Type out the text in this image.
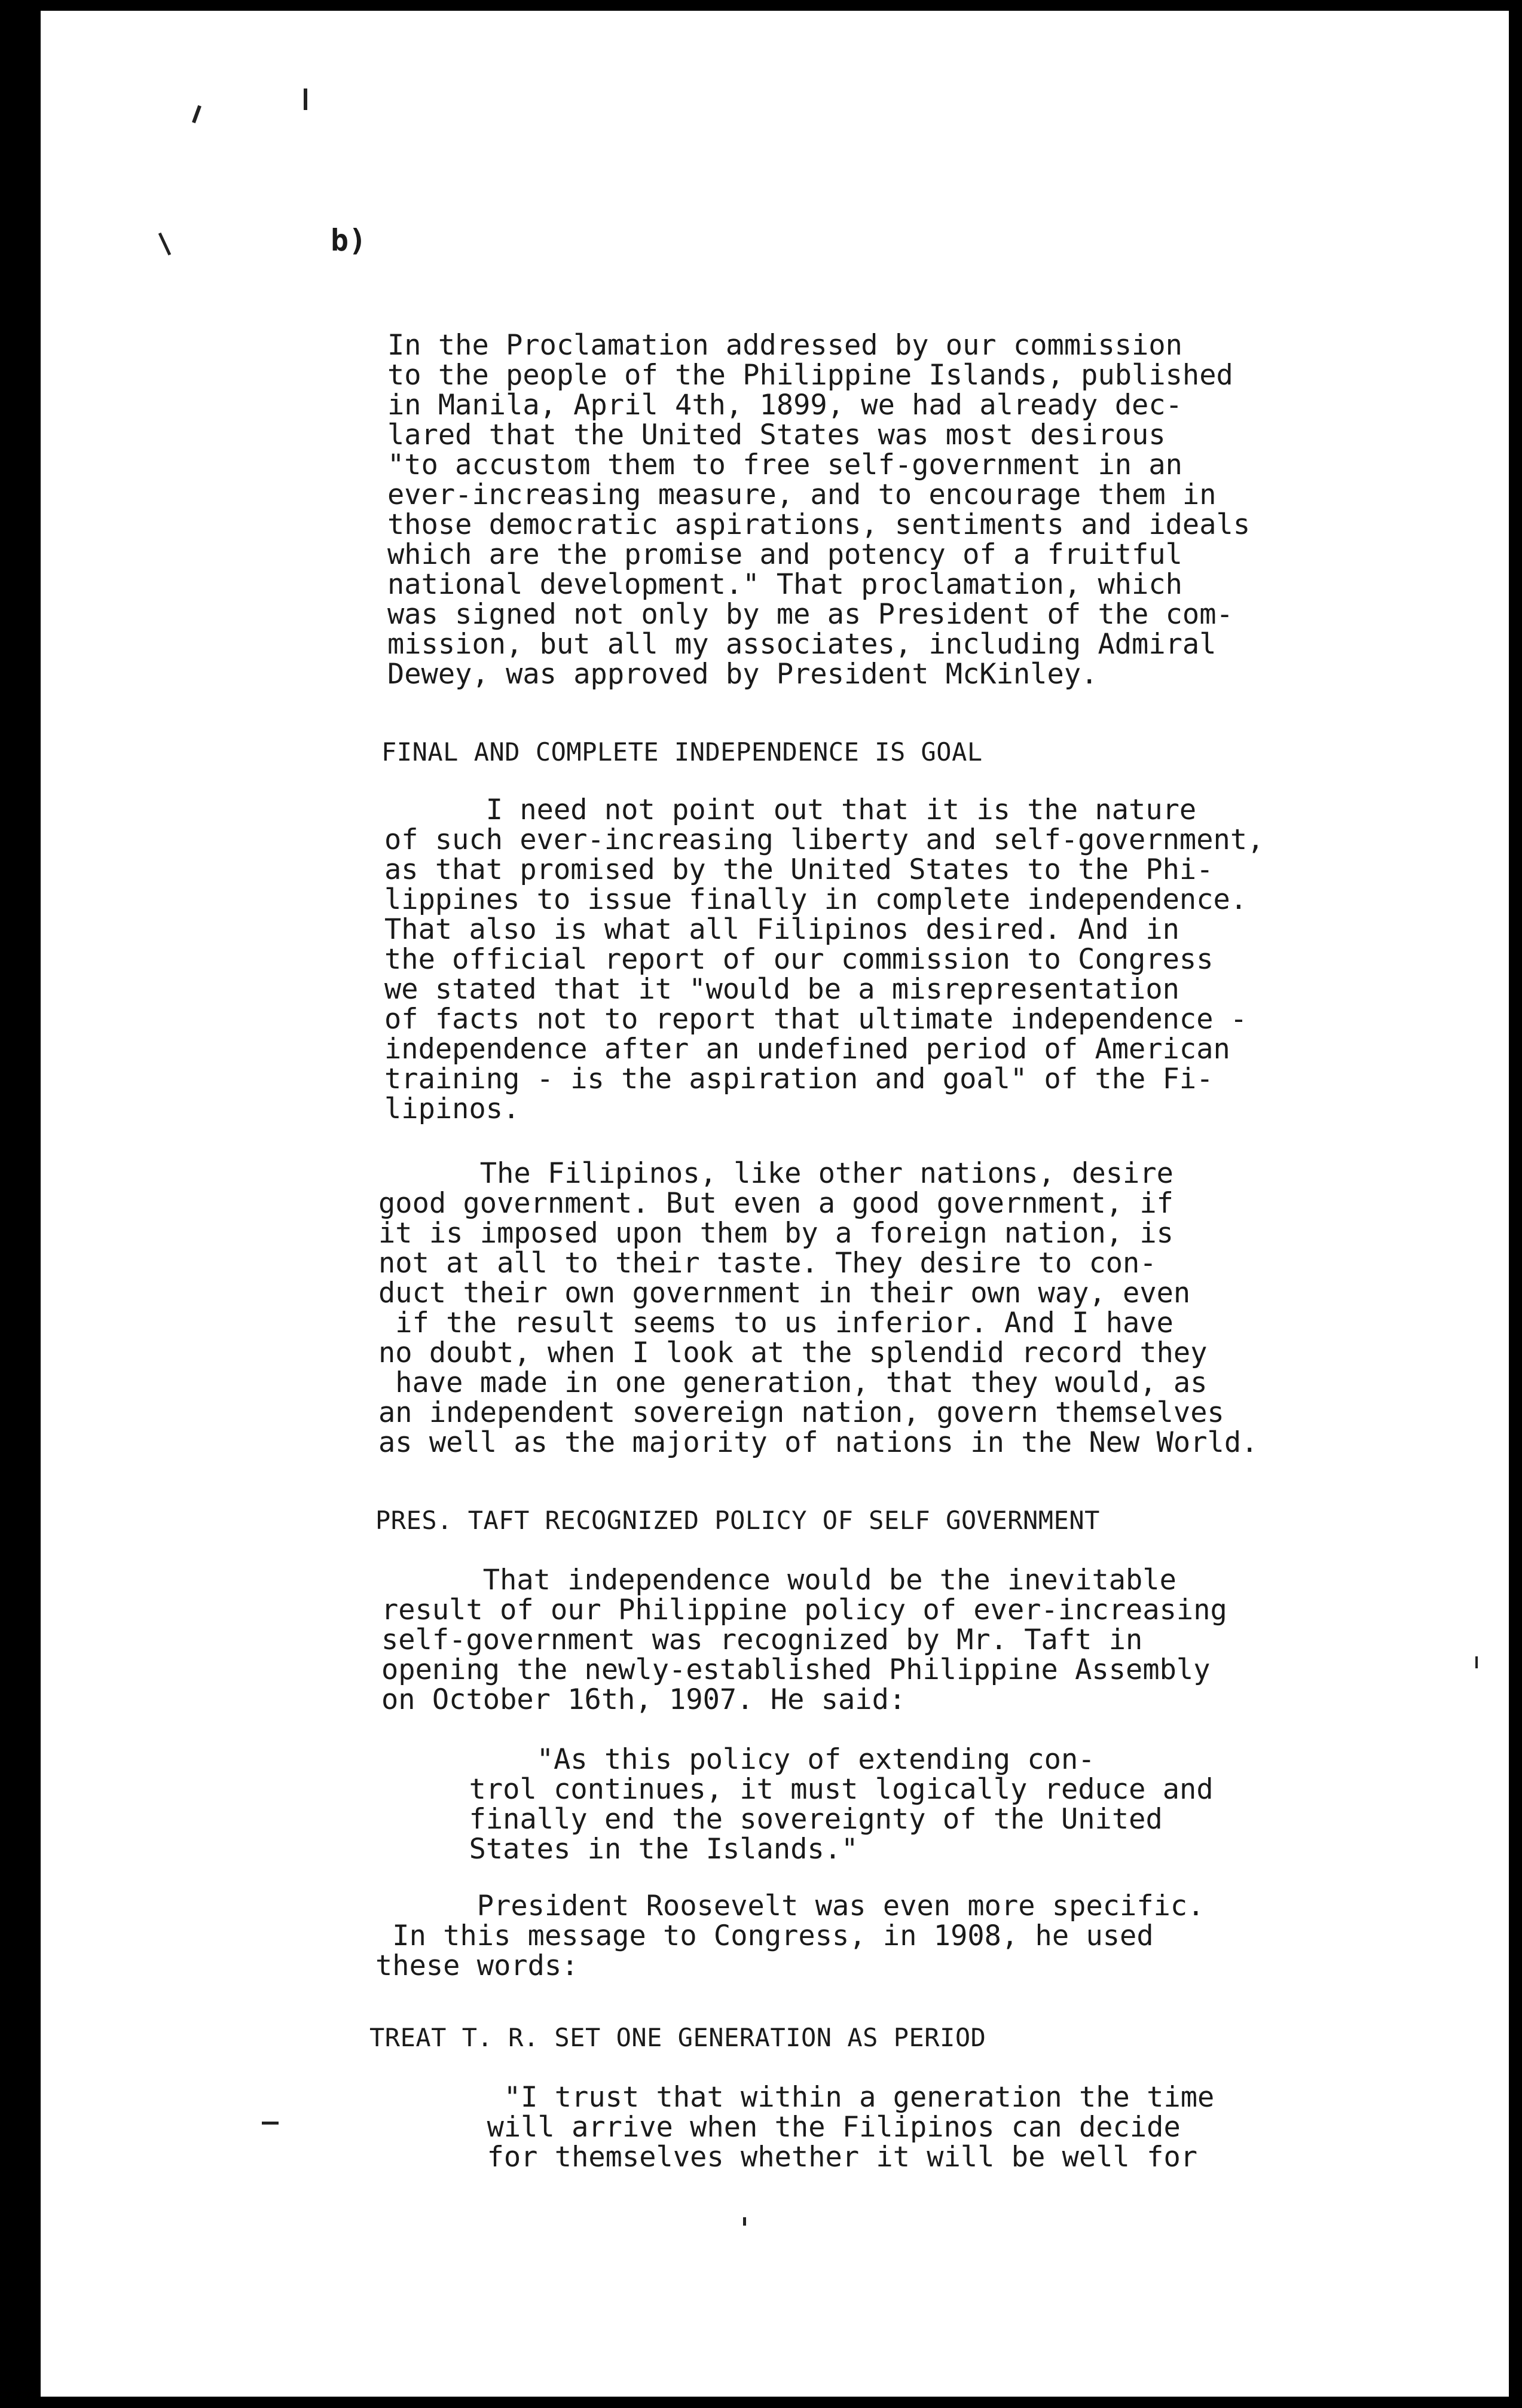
b)

In the Proclamation addressed by our commission
to the people of the Philippine Islands, published
in Manila, April 4th, 1899, we had already dec-
lared that the United States was most desirous
"to accustom them to free self-government in an
ever-increasing measure, and to encourage them in
those democratic aspirations, sentiments and ideals
which are the promise and potency of a fruitful
national development." That proclamation, which
was signed not only by me as President of the com-
mission, but all my associates, including Admiral
Dewey, was approved by President McKinley.

FINAL AND COMPLETE INDEPENDENCE IS GOAL

I need not point out that it is the nature
of such ever-increasing liberty and self-government,
as that promised by the United States to the Phi-
lippines to issue finally in complete independence.
That also is what all Filipinos desired. And in
the official report of our commission to Congress
we stated that it "would be a misrepresentation
of facts not to report that ultimate independence -
independence after an undefined period of American
training - is the aspiration and goal" of the Fi-
lipinos.

The Filipinos, like other nations, desire
good government. But even a good government, if
it is imposed upon them by a foreign nation, is
not at all to their taste. They desire to con-
duct their own government in their own way, even
if the result seems to us inferior. And I have
no doubt, when I look at the splendid record they
have made in one generation, that they would, as
an independent sovereign nation, govern themselves
as well as the majority of nations in the New World.

PRES. TAFT RECOGNIZED POLICY OF SELF GOVERNMENT

That independence would be the inevitable
result of our Philippine policy of ever-increasing
self-government was recognized by Mr. Taft in
opening the newly-established Philippine Assembly
on October 16th, 1907. He said:

"As this policy of extending con-
trol continues, it must logically reduce and
finally end the sovereignty of the United
States in the Islands."

President Roosevelt was even more specific.
In this message to Congress, in 1908, he used
these words:

TREAT T. R. SET ONE GENERATION AS PERIOD

"I trust that within a generation the time
will arrive when the Filipinos can decide
for themselves whether it will be well for
